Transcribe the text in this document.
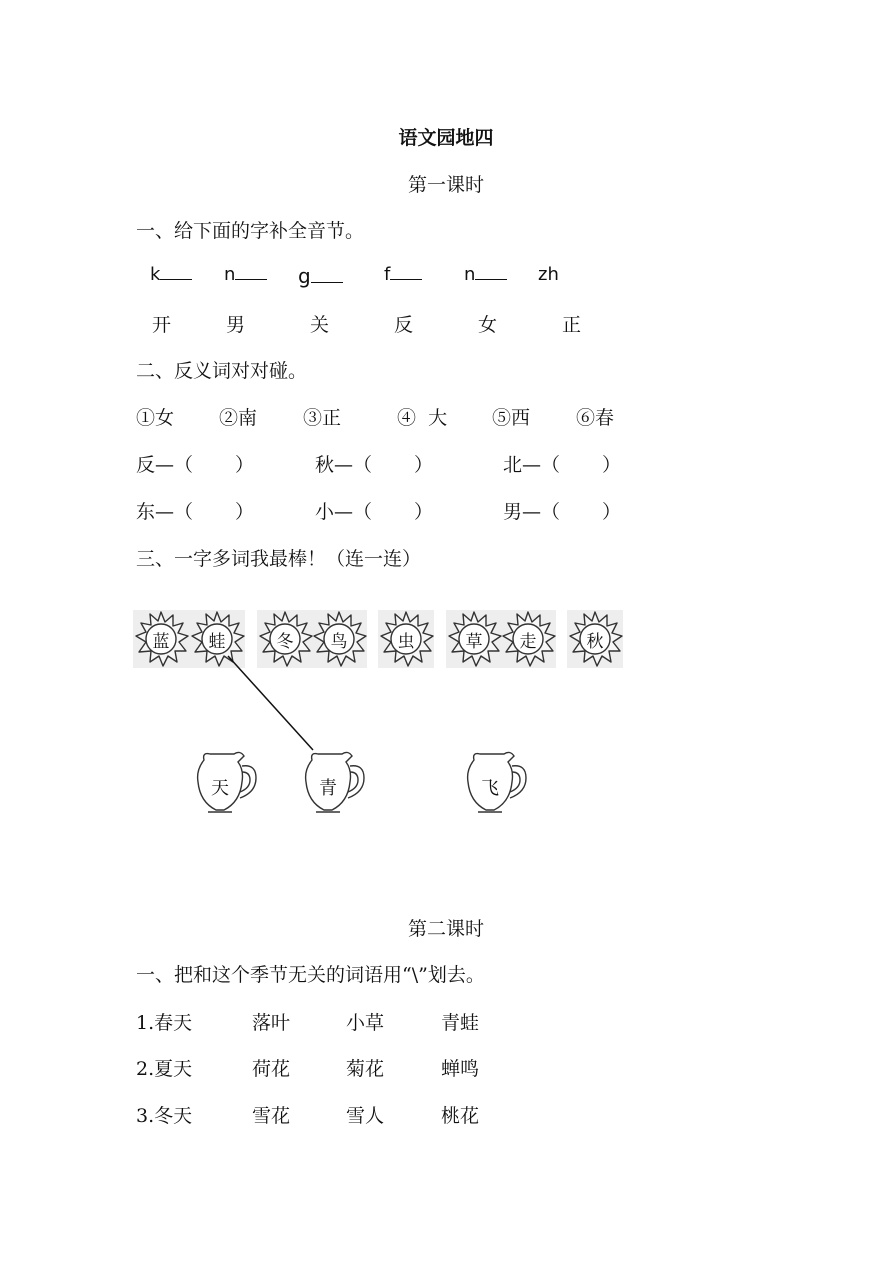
语文园地四
第一课时
一、给下面的字补全音节。
k	n	g	f	n	zh
开	男	关	反	女	正
二、反义词对对碰。
①女 ②南 ③正	④  大 ⑤西 ⑥春
反—（ ）	秋—（ ）	北—（ ）
东—（ ）	小—（ ）	男—（ ）
三、一字多词我最棒！（连一连）
蓝	蛙	冬	鸟	虫	草	走	秋
天	青	飞
第二课时
一、把和这个季节无关的词语用“\”划去。
1.春天	落叶	小草	青蛙
2.夏天	荷花	菊花	蝉鸣
3.冬天	雪花	雪人	桃花
